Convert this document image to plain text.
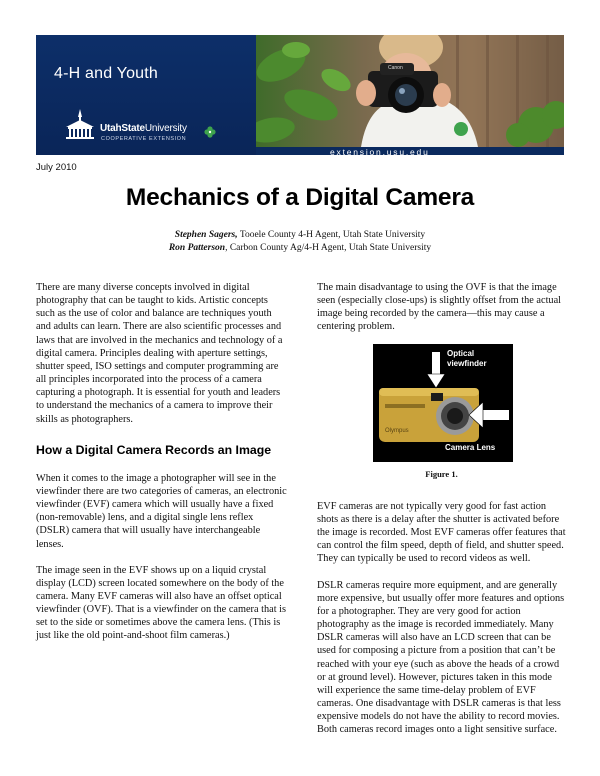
4-H and Youth
UtahStateUniversity
COOPERATIVE EXTENSION
Canon
extension.usu.edu
July 2010
Mechanics of a Digital Camera
Stephen Sagers, Tooele County 4-H Agent, Utah State University
Ron Patterson, Carbon County Ag/4-H Agent, Utah State University

There are many diverse concepts involved in digital photography that can be taught to kids. Artistic concepts such as the use of color and balance are techniques youth and adults can learn. There are also scientific processes and laws that are involved in the mechanics and technology of a digital camera. Principles dealing with aperture settings, shutter speed, ISO settings and computer programming are all principles incorporated into the process of a camera capturing a photograph. It is essential for youth and leaders to understand the mechanics of a camera to improve their skills as photographers.

How a Digital Camera Records an Image

When it comes to the image a photographer will see in the viewfinder there are two categories of cameras, an electronic viewfinder (EVF) camera which will usually have a fixed (non-removable) lens, and a digital single lens reflex (DSLR) camera that will usually have interchangeable lenses.

The image seen in the EVF shows up on a liquid crystal display (LCD) screen located somewhere on the body of the camera. Many EVF cameras will also have an offset optical viewfinder (OVF). That is a viewfinder on the camera that is set to the side or sometimes above the camera lens. (This is just like the old point-and-shoot film cameras.)

The main disadvantage to using the OVF is that the image seen (especially close-ups) is slightly offset from the actual image being recorded by the camera—this may cause a centering problem.

Olympus
Optical
viewfinder
Camera Lens
Figure 1.

EVF cameras are not typically very good for fast action shots as there is a delay after the shutter is activated before the image is recorded. Most EVF cameras offer features that can control the film speed, depth of field, and shutter speed. They can typically be used to record videos as well.

DSLR cameras require more equipment, and are generally more expensive, but usually offer more features and options for a photographer. They are very good for action photography as the image is recorded immediately. Many DSLR cameras will also have an LCD screen that can be used for composing a picture from a position that can’t be reached with your eye (such as above the heads of a crowd or at ground level). However, pictures taken in this mode will experience the same time-delay problem of EVF cameras. One disadvantage with DSLR cameras is that less expensive models do not have the ability to record movies. Both cameras record images onto a light sensitive surface.
